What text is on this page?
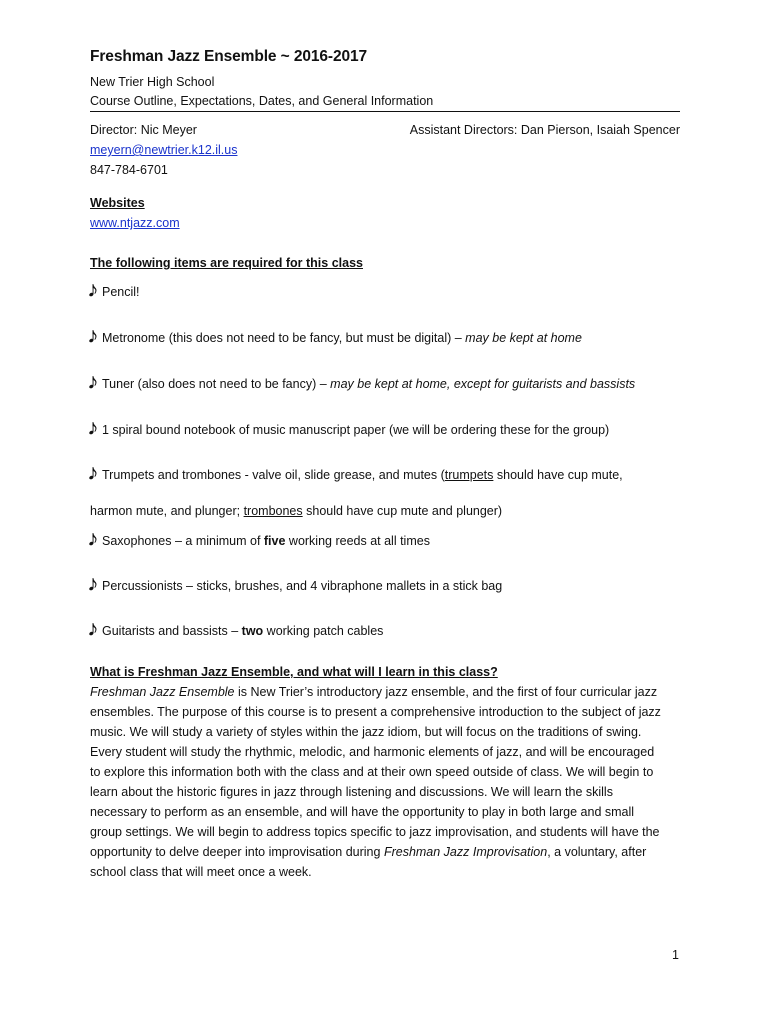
Freshman Jazz Ensemble ~ 2016-2017
New Trier High School
Course Outline, Expectations, Dates, and General Information
Director: Nic Meyer	Assistant Directors: Dan Pierson, Isaiah Spencer
meyern@newtrier.k12.il.us
847-784-6701
Websites
www.ntjazz.com
The following items are required for this class
𝅘𝅥𝅮 Pencil!
𝅘𝅥𝅮 Metronome (this does not need to be fancy, but must be digital) – may be kept at home
𝅘𝅥𝅮 Tuner (also does not need to be fancy) – may be kept at home, except for guitarists and bassists
𝅘𝅥𝅮 1 spiral bound notebook of music manuscript paper (we will be ordering these for the group)
𝅘𝅥𝅮 Trumpets and trombones - valve oil, slide grease, and mutes (trumpets should have cup mute,
harmon mute, and plunger; trombones should have cup mute and plunger)
𝅘𝅥𝅮 Saxophones – a minimum of five working reeds at all times
𝅘𝅥𝅮 Percussionists – sticks, brushes, and 4 vibraphone mallets in a stick bag
𝅘𝅥𝅮 Guitarists and bassists – two working patch cables
What is Freshman Jazz Ensemble, and what will I learn in this class?
Freshman Jazz Ensemble is New Trier’s introductory jazz ensemble, and the first of four curricular jazz
ensembles. The purpose of this course is to present a comprehensive introduction to the subject of jazz
music. We will study a variety of styles within the jazz idiom, but will focus on the traditions of swing.
Every student will study the rhythmic, melodic, and harmonic elements of jazz, and will be encouraged
to explore this information both with the class and at their own speed outside of class. We will begin to
learn about the historic figures in jazz through listening and discussions. We will learn the skills
necessary to perform as an ensemble, and will have the opportunity to play in both large and small
group settings. We will begin to address topics specific to jazz improvisation, and students will have the
opportunity to delve deeper into improvisation during Freshman Jazz Improvisation, a voluntary, after
school class that will meet once a week.
1
